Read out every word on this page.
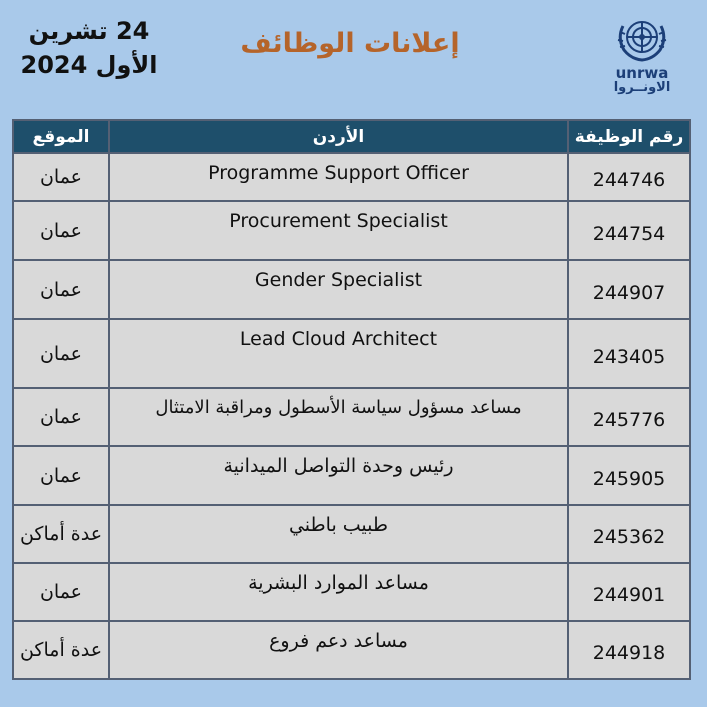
24 تشرين
الأول 2024
إعلانات الوظائف
unrwa
الاونــروا
الموقع	الأردن	رقم الوظيفة
عمان	Programme Support Officer	244746
عمان	Procurement Specialist	244754
عمان	Gender Specialist	244907
عمان	Lead Cloud Architect	243405
عمان	مساعد مسؤول سياسة الأسطول ومراقبة الامتثال	245776
عمان	رئيس وحدة التواصل الميدانية	245905
عدة أماكن	طبيب باطني	245362
عمان	مساعد الموارد البشرية	244901
عدة أماكن	مساعد دعم فروع	244918
